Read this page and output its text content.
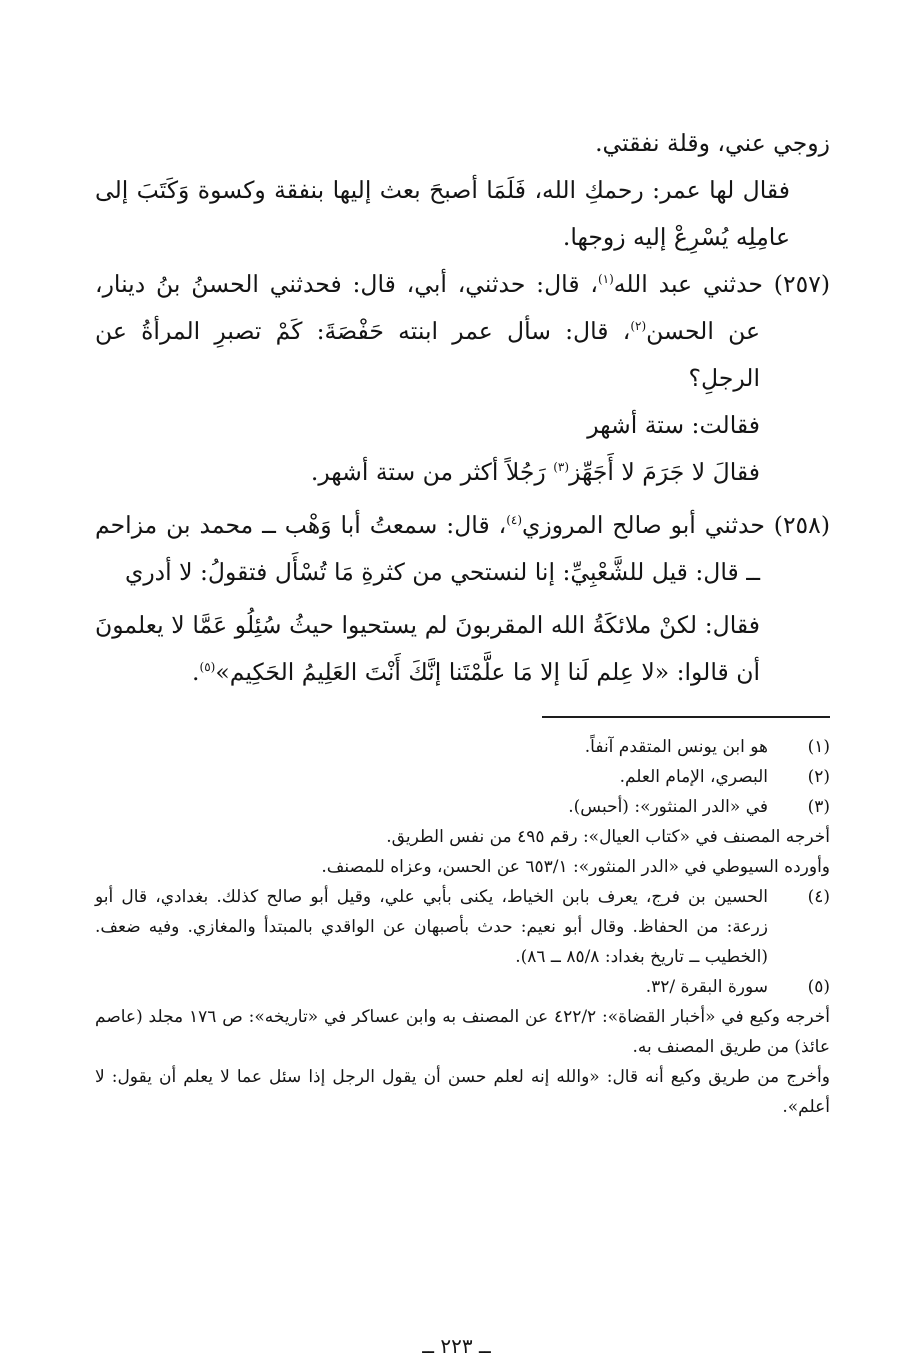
زوجي عني، وقلة نفقتي.

فقال لها عمر: رحمكِ الله، فَلَمَا أصبحَ بعث إليها بنفقة وكسوة وَكَتَبَ إلى عامِلِه يُسْرِعْ إليه زوجها.

(٢٥٧) حدثني عبد الله$^{(١)}$، قال: حدثني، أبي، قال: فحدثني الحسنُ بنُ دينار، عن الحسن$^{(٢)}$، قال: سأل عمر ابنته حَفْصَةَ: كَمْ تصبرِ المرأةُ عن الرجلِ؟

فقالت: ستة أشهر

فقالَ لا جَرَمَ لا أَجَهِّز$^{(٣)}$ رَجُلاً أكثر من ستة أشهر.

(٢٥٨) حدثني أبو صالح المروزي$^{(٤)}$، قال: سمعتُ أبا وَهْب ــ محمد بن مزاحم ــ قال: قيل للشَّعْبِيِّ: إنا لنستحي من كثرةِ مَا تُسْأَل فتقولُ: لا أدري

فقال: لكنْ ملائكَةُ الله المقربونَ لم يستحيوا حيثُ سُئِلُو عَمَّا لا يعلمونَ أن قالوا: «لا عِلم لَنا إلا مَا علَّمْتَنا إنَّكَ أَنْتَ العَلِيمُ الحَكِيم»$^{(٥)}$.

(١)
هو ابن يونس المتقدم آنفاً.
(٢)
البصري، الإمام العلم.
(٣)
في «الدر المنثور»: (أحبس).
أخرجه المصنف في «كتاب العيال»: رقم ٤٩٥ من نفس الطريق.
وأورده السيوطي في «الدر المنثور»: ٦٥٣/١ عن الحسن، وعزاه للمصنف.
(٤)
الحسين بن فرج، يعرف بابن الخياط، يكنى بأبي علي، وقيل أبو صالح كذلك. بغدادي، قال أبو زرعة: من الحفاظ. وقال أبو نعيم: حدث بأصبهان عن الواقدي بالمبتدأ والمغازي. وفيه ضعف. (الخطيب ــ تاريخ بغداد: ٨٥/٨ ــ ٨٦).
(٥)
سورة البقرة /٣٢.
أخرجه وكيع في «أخبار القضاة»: ٤٢٢/٢ عن المصنف به وابن عساكر في «تاريخه»: ص ١٧٦ مجلد (عاصم عائذ) من طريق المصنف به.
وأخرج من طريق وكيع أنه قال: «والله إنه لعلم حسن أن يقول الرجل إذا سئل عما لا يعلم أن يقول: لا أعلم».
ــ ٢٢٣ ــ
